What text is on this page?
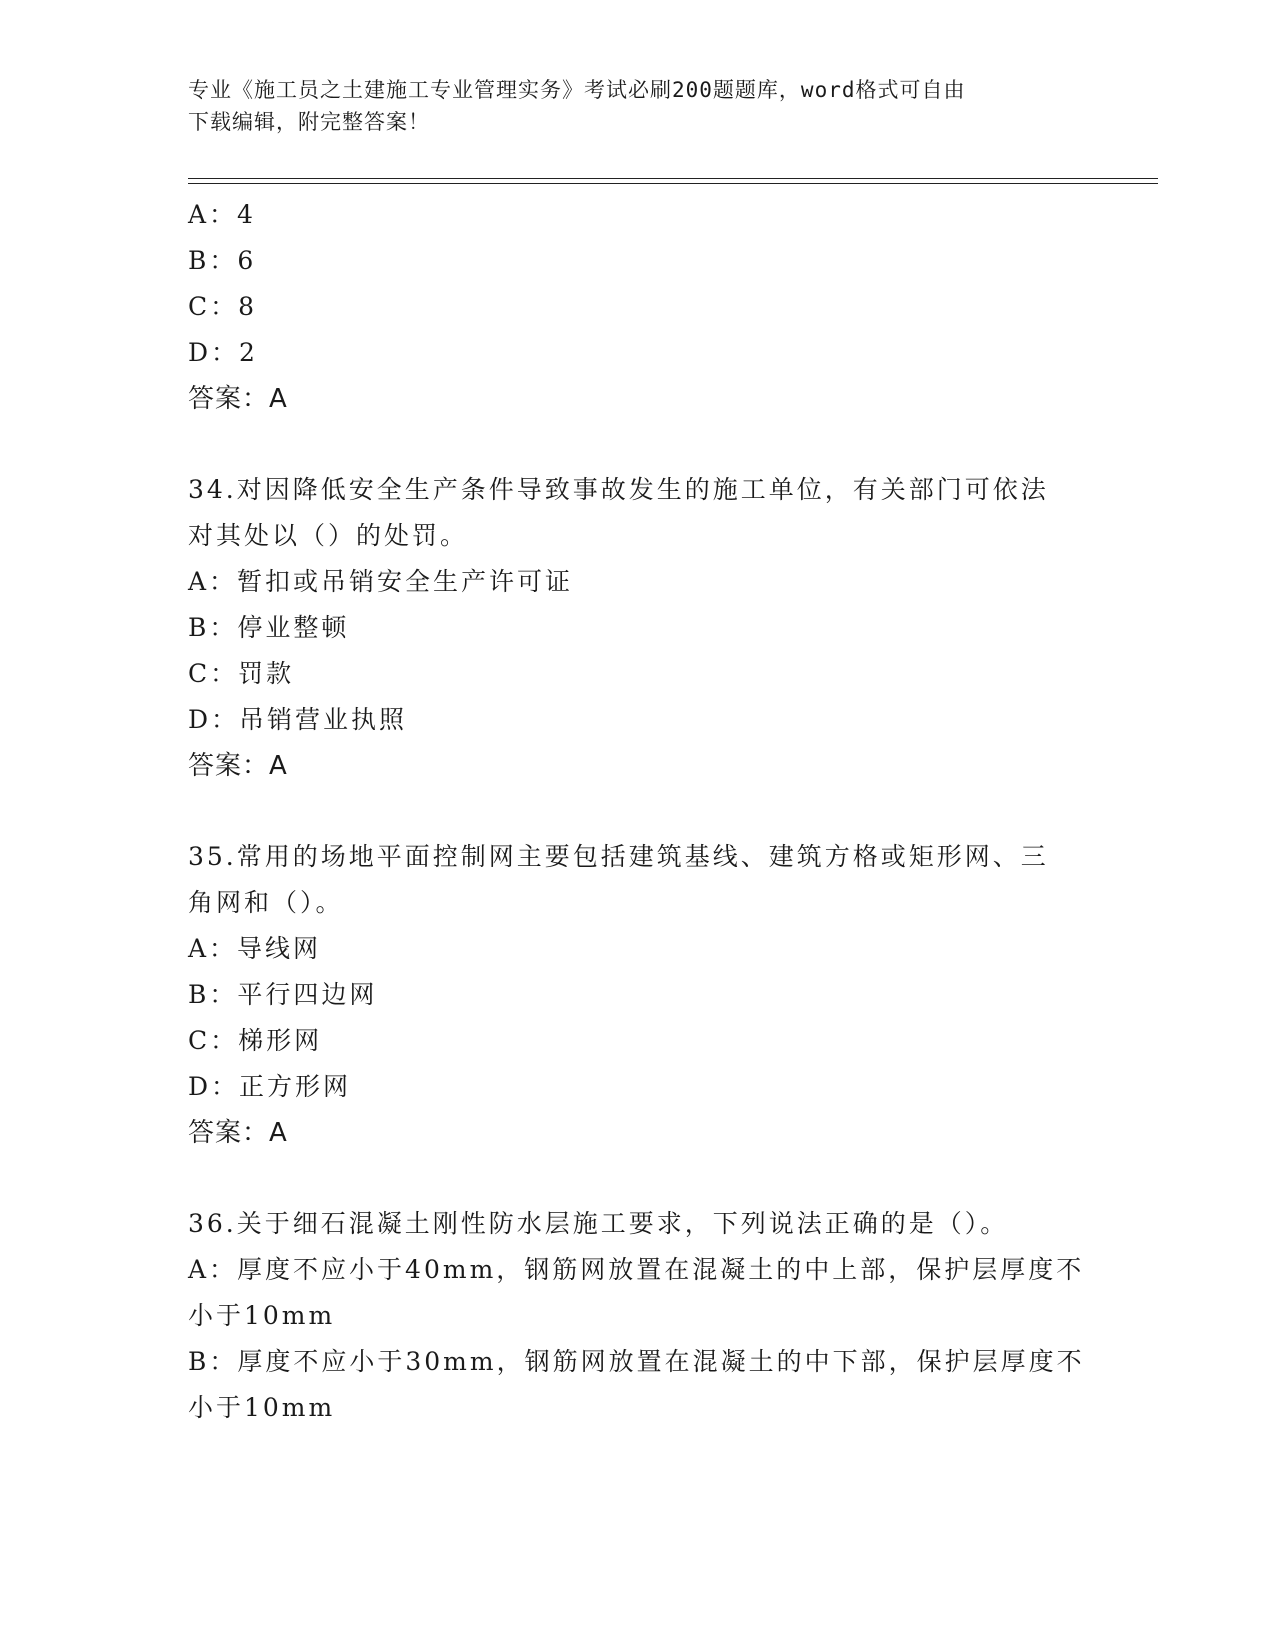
专业《施工员之土建施工专业管理实务》考试必刷200题题库，word格式可自由
下载编辑，附完整答案！
A：4
B：6
C：8
D：2
答案：A
34.对因降低安全生产条件导致事故发生的施工单位，有关部门可依法
对其处以（）的处罚。
A：暂扣或吊销安全生产许可证
B：停业整顿
C：罚款
D：吊销营业执照
答案：A
35.常用的场地平面控制网主要包括建筑基线、建筑方格或矩形网、三
角网和（）。
A：导线网
B：平行四边网
C：梯形网
D：正方形网
答案：A
36.关于细石混凝土刚性防水层施工要求，下列说法正确的是（）。
A：厚度不应小于40mm，钢筋网放置在混凝土的中上部，保护层厚度不
小于10mm
B：厚度不应小于30mm，钢筋网放置在混凝土的中下部，保护层厚度不
小于10mm
